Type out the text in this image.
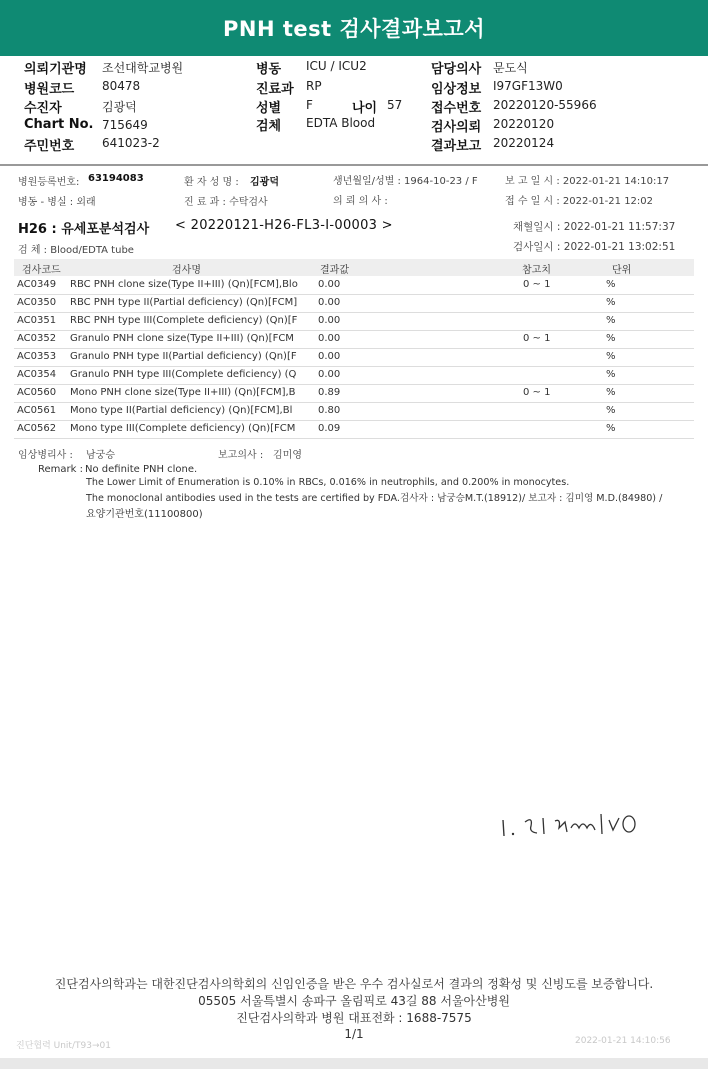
PNH test 검사결과보고서
의뢰기관명 조선대학교병원
병원코드 80478
수진자	김광덕
Chart No. 715649
주민번호 641023-2
병동 ICU / ICU2
진료과 RP
성별 F	나이 57
검체 EDTA Blood
담당의사 문도식
임상정보 I97GF13W0
접수번호 20220120-55966
검사의뢰 20220120
결과보고 20220124
병원등록번호: 63194083	환 자 성 명 : 김광덕	생년월일/성별 : 1964-10-23 / F	보 고 일 시 : 2022-01-21 14:10:17
병동 - 병실 : 외래	진 료 과 : 수탁검사	의 뢰 의 사 :	접 수 일 시 : 2022-01-21 12:02
H26 : 유세포분석검사 < 20220121-H26-FL3-I-00003 >	채혈일시 : 2022-01-21 11:57:37
검 체 : Blood/EDTA tube	검사일시 : 2022-01-21 13:02:51
검사코드	검사명	결과값	참고치	단위
AC0349 RBC PNH clone size(Type II+III) (Qn)[FCM],Blo	0.00	0 ~ 1	%
AC0350 RBC PNH type II(Partial deficiency) (Qn)[FCM]	0.00	%
AC0351 RBC PNH type III(Complete deficiency) (Qn)[F	0.00	%
AC0352 Granulo PNH clone size(Type II+III) (Qn)[FCM	0.00	0 ~ 1	%
AC0353 Granulo PNH type II(Partial deficiency) (Qn)[F	0.00	%
AC0354 Granulo PNH type III(Complete deficiency) (Q	0.00	%
AC0560 Mono PNH clone size(Type II+III) (Qn)[FCM],B	0.89	0 ~ 1	%
AC0561 Mono type II(Partial deficiency) (Qn)[FCM],Bl	0.80	%
AC0562 Mono type III(Complete deficiency) (Qn)[FCM	0.09	%
임상병리사 : 남궁승	보고의사 : 김미영
Remark : No definite PNH clone.
The Lower Limit of Enumeration is 0.10% in RBCs, 0.016% in neutrophils, and 0.200% in monocytes.
The monoclonal antibodies used in the tests are certified by FDA.검사자 : 남궁승M.T.(18912)/ 보고자 : 김미영 M.D.(84980) /
요양기관번호(11100800)
진단검사의학과는 대한진단검사의학회의 신임인증을 받은 우수 검사실로서 결과의 정확성 및 신빙도를 보증합니다.
05505 서울특별시 송파구 올림픽로 43길 88 서울아산병원
진단검사의학과 병원 대표전화 : 1688-7575
1/1
진단협력 Unit/T93→01	2022-01-21 14:10:56
